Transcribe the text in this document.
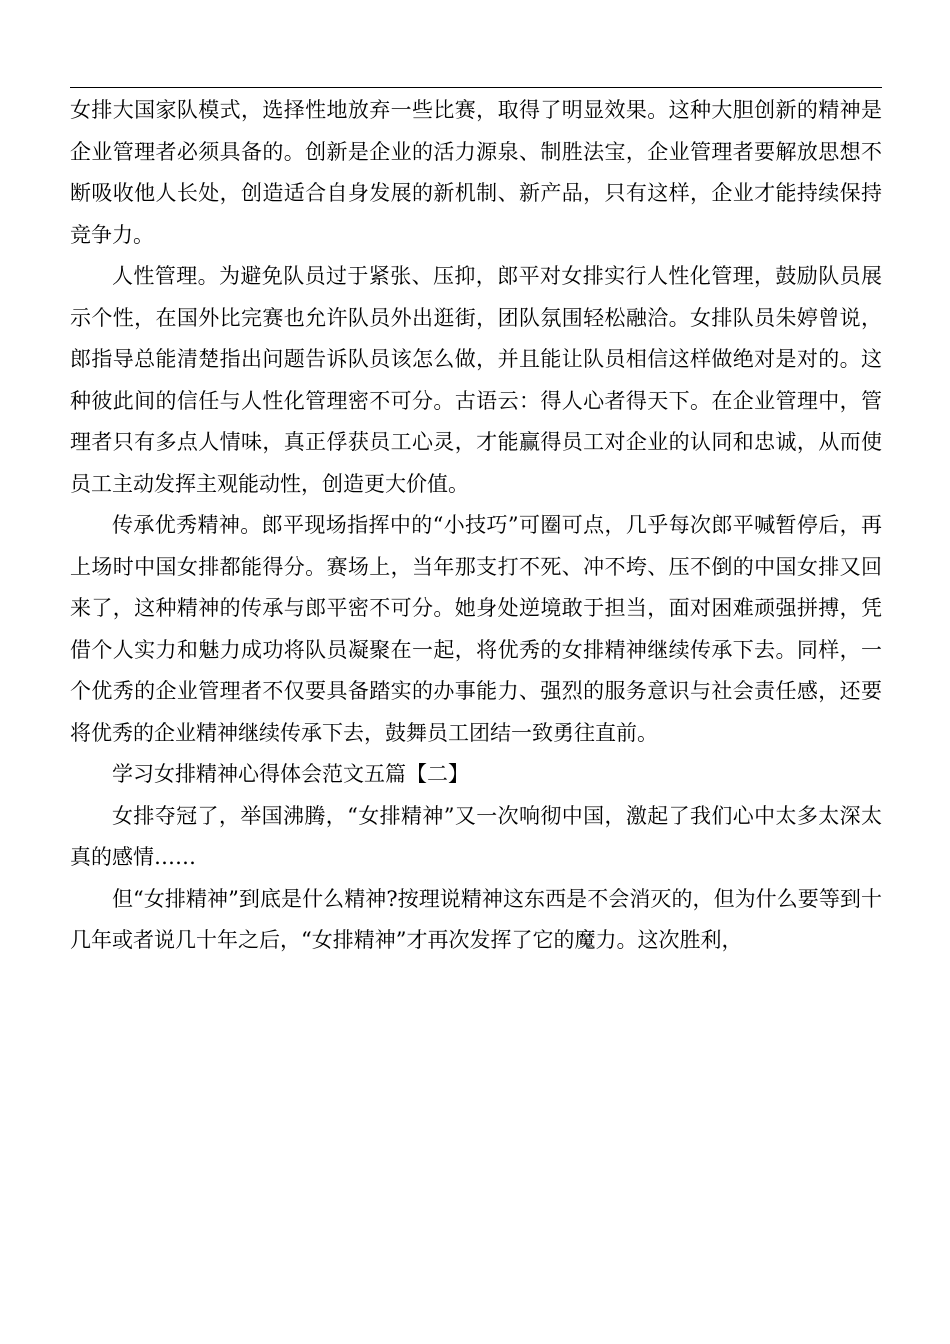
女排大国家队模式，选择性地放弃一些比赛，取得了明显效果。这种大胆创新的精神是企业管理者必须具备的。创新是企业的活力源泉、制胜法宝，企业管理者要解放思想不断吸收他人长处，创造适合自身发展的新机制、新产品，只有这样，企业才能持续保持竞争力。

人性管理。为避免队员过于紧张、压抑，郎平对女排实行人性化管理，鼓励队员展示个性，在国外比完赛也允许队员外出逛街，团队氛围轻松融洽。女排队员朱婷曾说，郎指导总能清楚指出问题告诉队员该怎么做，并且能让队员相信这样做绝对是对的。这种彼此间的信任与人性化管理密不可分。古语云：得人心者得天下。在企业管理中，管理者只有多点人情味，真正俘获员工心灵，才能赢得员工对企业的认同和忠诚，从而使员工主动发挥主观能动性，创造更大价值。

传承优秀精神。郎平现场指挥中的“小技巧”可圈可点，几乎每次郎平喊暂停后，再上场时中国女排都能得分。赛场上，当年那支打不死、冲不垮、压不倒的中国女排又回来了，这种精神的传承与郎平密不可分。她身处逆境敢于担当，面对困难顽强拼搏，凭借个人实力和魅力成功将队员凝聚在一起，将优秀的女排精神继续传承下去。同样，一个优秀的企业管理者不仅要具备踏实的办事能力、强烈的服务意识与社会责任感，还要将优秀的企业精神继续传承下去，鼓舞员工团结一致勇往直前。

学习女排精神心得体会范文五篇【二】

女排夺冠了，举国沸腾，“女排精神”又一次响彻中国，激起了我们心中太多太深太真的感情……

但“女排精神”到底是什么精神?按理说精神这东西是不会消灭的，但为什么要等到十几年或者说几十年之后，“女排精神”才再次发挥了它的魔力。这次胜利，
